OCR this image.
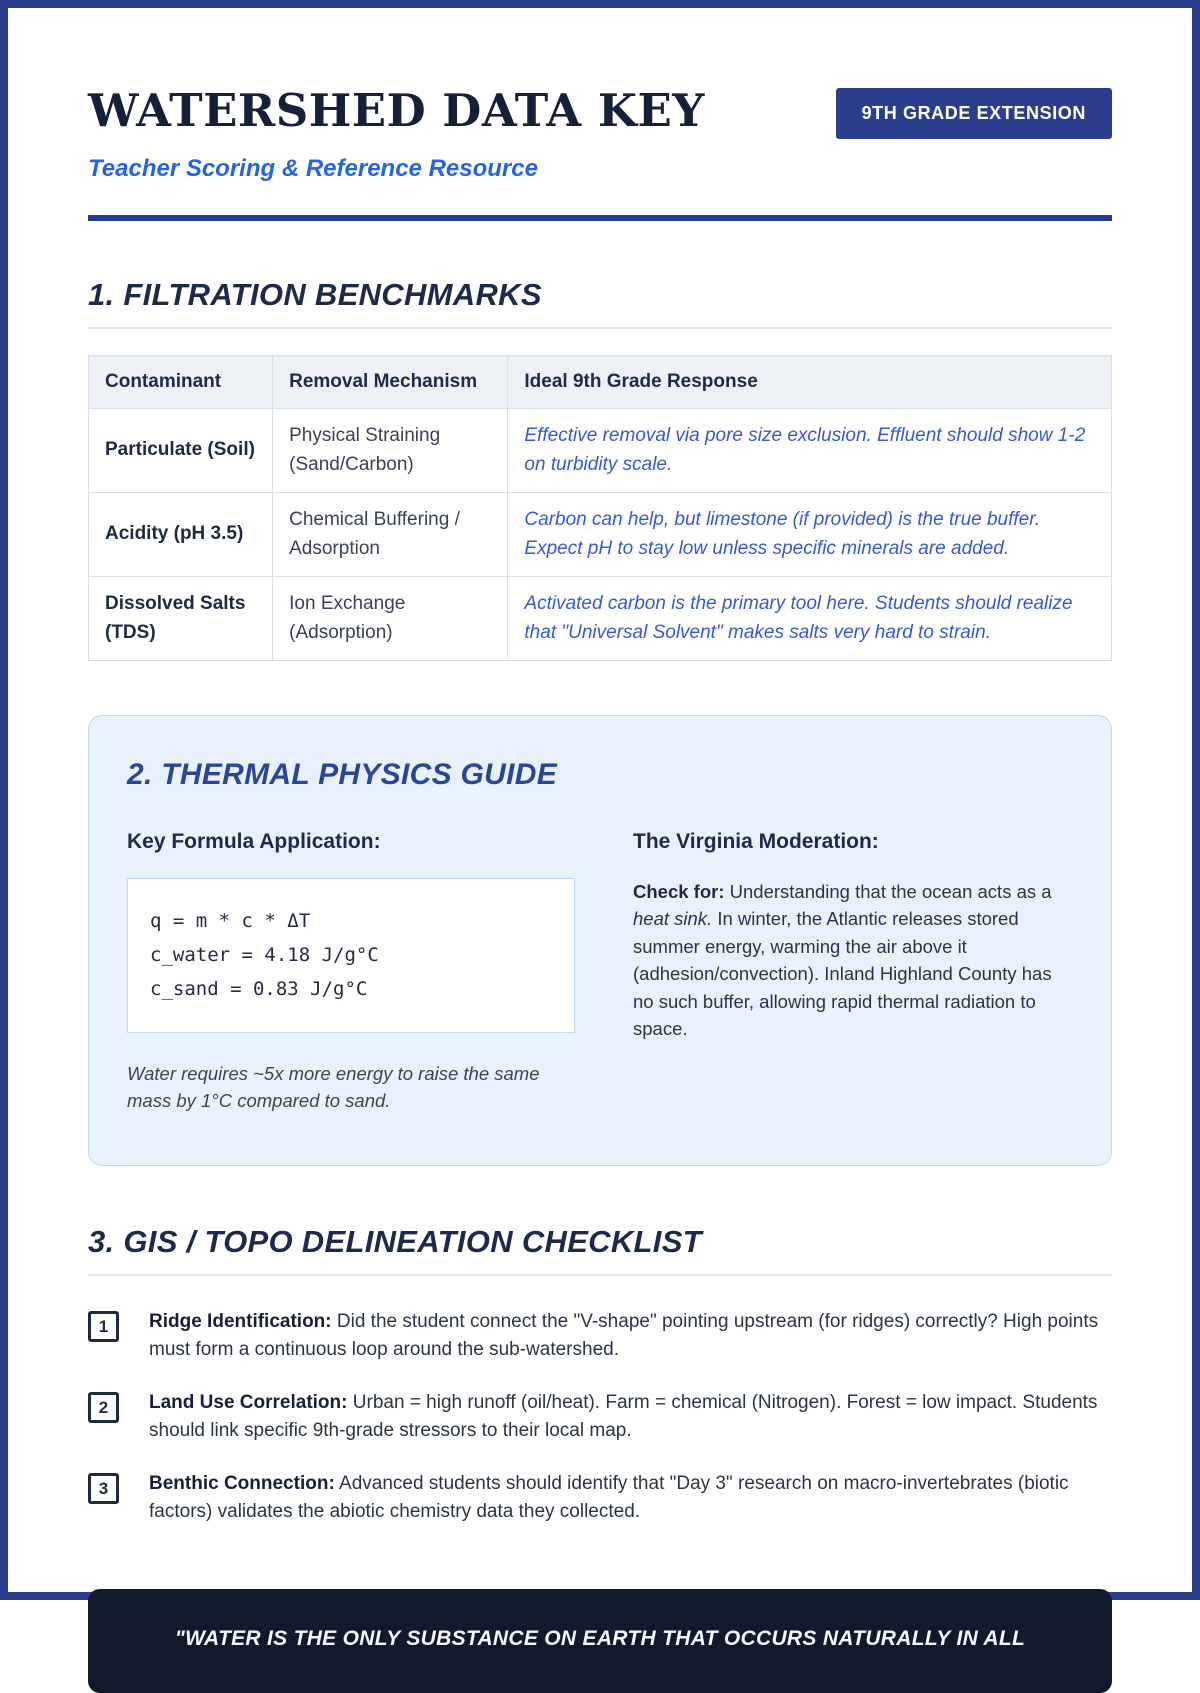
WATERSHED DATA KEY	9TH GRADE EXTENSION
Teacher Scoring & Reference Resource
1. FILTRATION BENCHMARKS
Contaminant	Removal Mechanism	Ideal 9th Grade Response
Particulate (Soil)	Physical Straining (Sand/Carbon)	Effective removal via pore size exclusion. Effluent should show 1-2 on turbidity scale.
Acidity (pH 3.5)	Chemical Buffering / Adsorption	Carbon can help, but limestone (if provided) is the true buffer. Expect pH to stay low unless specific minerals are added.
Dissolved Salts (TDS)	Ion Exchange (Adsorption)	Activated carbon is the primary tool here. Students should realize that "Universal Solvent" makes salts very hard to strain.
2. THERMAL PHYSICS GUIDE
Key Formula Application:
q = m * c * ΔT
c_water = 4.18 J/g°C
c_sand = 0.83 J/g°C
Water requires ~5x more energy to raise the same mass by 1°C compared to sand.
The Virginia Moderation:
Check for: Understanding that the ocean acts as a heat sink. In winter, the Atlantic releases stored summer energy, warming the air above it (adhesion/convection). Inland Highland County has no such buffer, allowing rapid thermal radiation to space.
3. GIS / TOPO DELINEATION CHECKLIST
1	Ridge Identification: Did the student connect the "V-shape" pointing upstream (for ridges) correctly? High points must form a continuous loop around the sub-watershed.
2	Land Use Correlation: Urban = high runoff (oil/heat). Farm = chemical (Nitrogen). Forest = low impact. Students should link specific 9th-grade stressors to their local map.
3	Benthic Connection: Advanced students should identify that "Day 3" research on macro-invertebrates (biotic factors) validates the abiotic chemistry data they collected.
"WATER IS THE ONLY SUBSTANCE ON EARTH THAT OCCURS NATURALLY IN ALL
